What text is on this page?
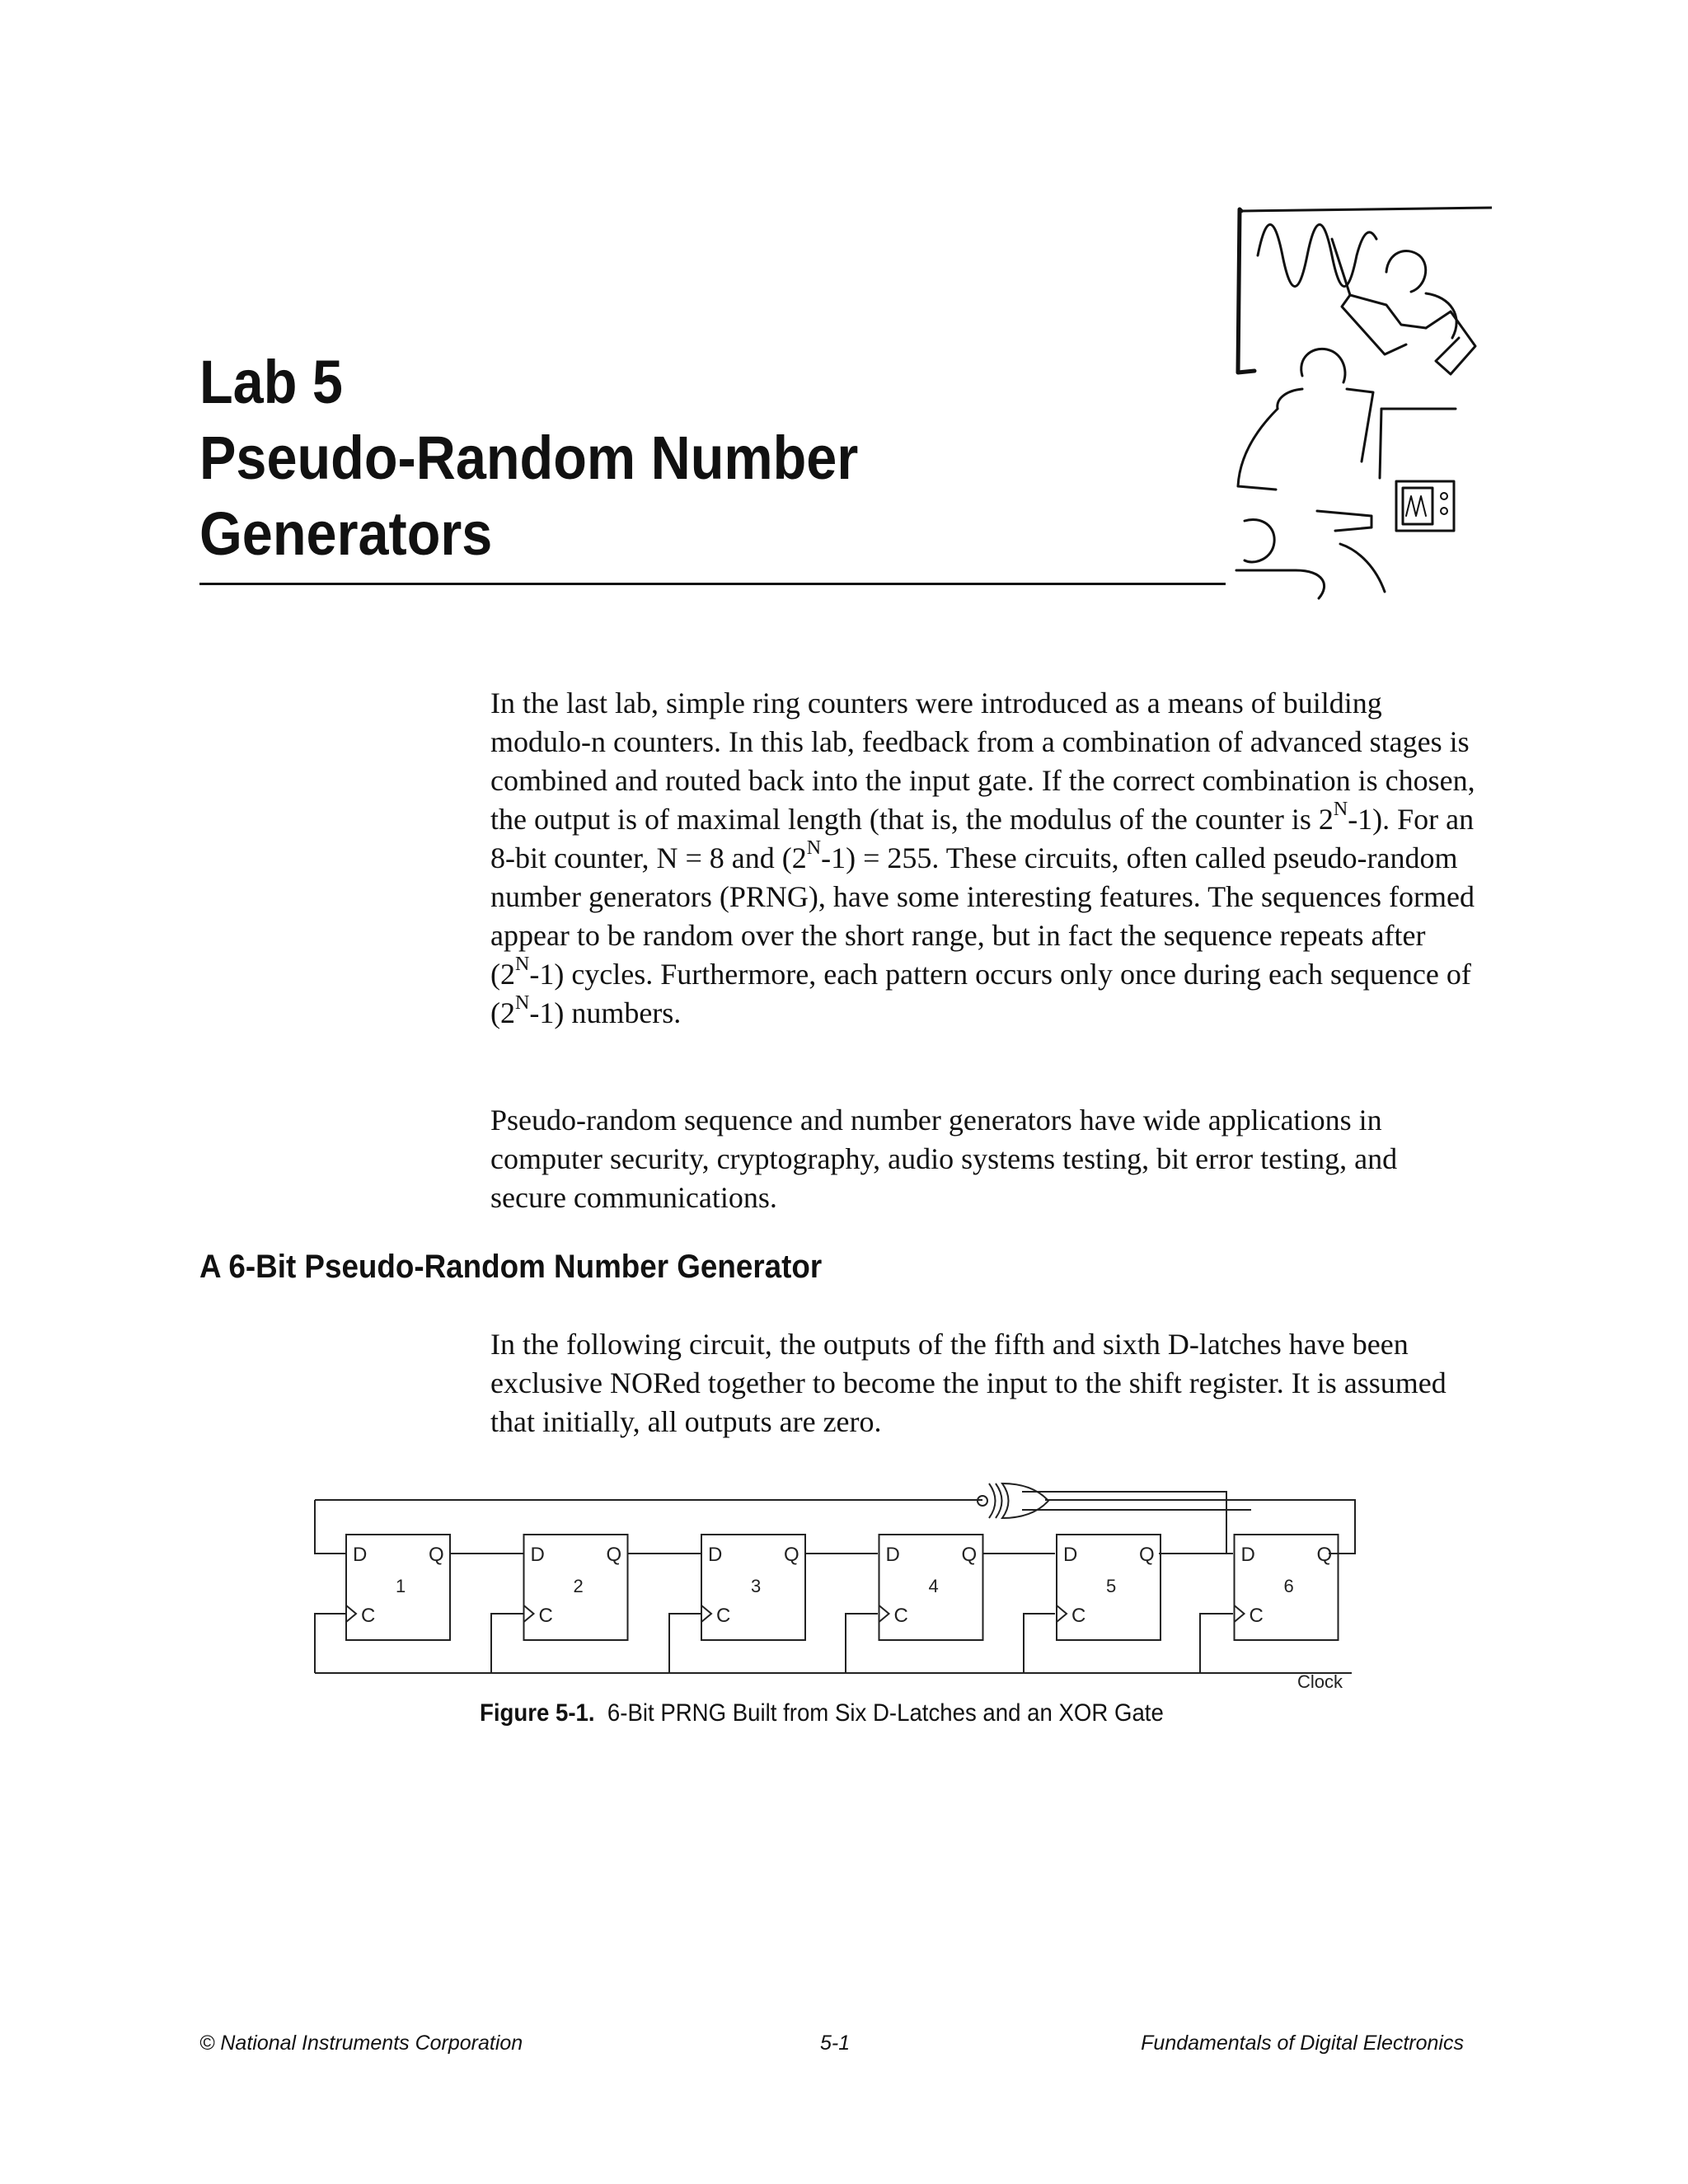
Lab 5
Pseudo-Random Number
Generators

In the last lab, simple ring counters were introduced as a means of building modulo-n counters. In this lab, feedback from a combination of advanced stages is combined and routed back into the input gate. If the correct combination is chosen, the output is of maximal length (that is, the modulus of the counter is $2^N-1$). For an 8-bit counter, N = 8 and $(2^N-1) = 255$. These circuits, often called pseudo-random number generators (PRNG), have some interesting features. The sequences formed appear to be random over the short range, but in fact the sequence repeats after $(2^N-1)$ cycles. Furthermore, each pattern occurs only once during each sequence of $(2^N-1)$ numbers.

Pseudo-random sequence and number generators have wide applications in computer security, cryptography, audio systems testing, bit error testing, and secure communications.

A 6-Bit Pseudo-Random Number Generator

In the following circuit, the outputs of the fifth and sixth D-latches have been exclusive NORed together to become the input to the shift register. It is assumed that initially, all outputs are zero.

D	Q
1
C
D	Q
2
C
D	Q
3
C
D	Q
4
C
D	Q
5
C
D	Q
6
C
Clock
Figure 5-1. 6-Bit PRNG Built from Six D-Latches and an XOR Gate
© National Instruments Corporation	5-1	Fundamentals of Digital Electronics
